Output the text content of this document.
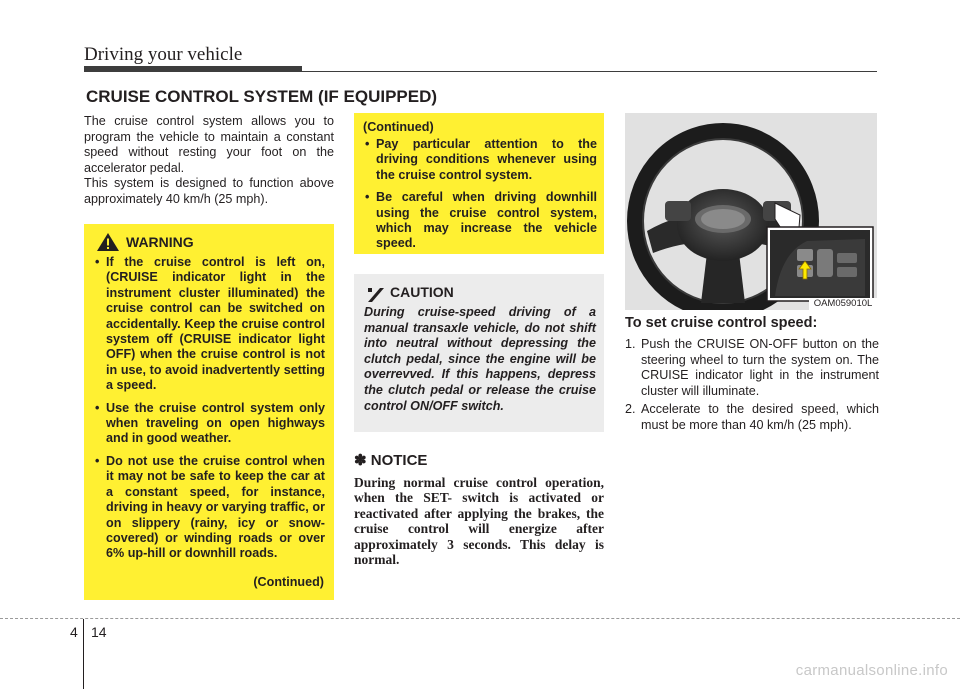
Driving your vehicle
CRUISE CONTROL SYSTEM (IF EQUIPPED)
The cruise control system allows you to program the vehicle to maintain a constant speed without resting your foot on the accelerator pedal.
This system is designed to function above approximately 40 km/h (25 mph).
WARNING
• If the cruise control is left on, (CRUISE indicator light in the instrument cluster illuminated) the cruise control can be switched on accidentally. Keep the cruise control system off (CRUISE indicator light OFF) when the cruise control is not in use, to avoid inadvertently setting a speed.
• Use the cruise control system only when traveling on open highways and in good weather.
• Do not use the cruise control when it may not be safe to keep the car at a constant speed, for instance, driving in heavy or varying traffic, or on slippery (rainy, icy or snow-covered) or winding roads or over 6% up-hill or downhill roads.
(Continued)
(Continued)
• Pay particular attention to the driving conditions whenever using the cruise control system.
• Be careful when driving downhill using the cruise control system, which may increase the vehicle speed.
CAUTION
During cruise-speed driving of a manual transaxle vehicle, do not shift into neutral without depressing the clutch pedal, since the engine will be overrevved. If this happens, depress the clutch pedal or release the cruise control ON/OFF switch.
✽ NOTICE
During normal cruise control operation, when the SET- switch is activated or reactivated after applying the brakes, the cruise control will energize after approximately 3 seconds. This delay is normal.
OAM059010L
To set cruise control speed:
1. Push the CRUISE ON-OFF button on the steering wheel to turn the system on. The CRUISE indicator light in the instrument cluster will illuminate.
2. Accelerate to the desired speed, which must be more than 40 km/h (25 mph).
4 14
carmanualsonline.info
